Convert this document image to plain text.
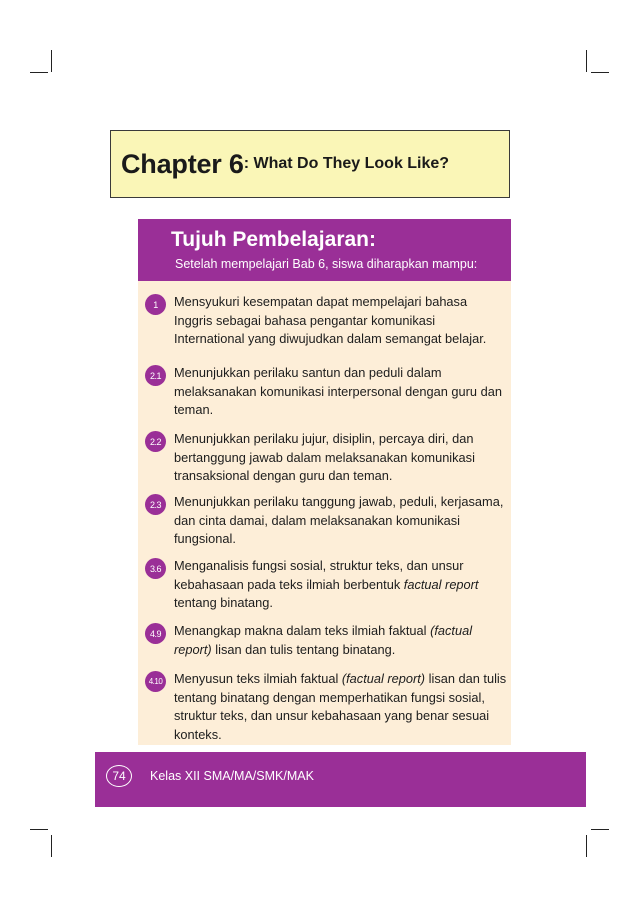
Chapter 6 : What Do They Look Like?
Tujuh Pembelajaran:
Setelah mempelajari Bab 6, siswa diharapkan mampu:
1	Mensyukuri kesempatan dapat mempelajari bahasa Inggris sebagai bahasa pengantar komunikasi International yang diwujudkan dalam semangat belajar.
2.1	Menunjukkan perilaku santun dan peduli dalam melaksanakan komunikasi interpersonal dengan guru dan teman.
2.2	Menunjukkan perilaku jujur, disiplin, percaya diri, dan bertanggung jawab dalam melaksanakan komunikasi transaksional dengan guru dan teman.
2.3	Menunjukkan perilaku tanggung jawab, peduli, kerjasama, dan cinta damai, dalam melaksanakan komunikasi fungsional.
3.6	Menganalisis fungsi sosial, struktur teks, dan unsur kebahasaan pada teks ilmiah berbentuk factual report tentang binatang.
4.9	Menangkap makna dalam teks ilmiah faktual (factual report) lisan dan tulis tentang binatang.
4.10 Menyusun teks ilmiah faktual (factual report) lisan dan tulis tentang binatang dengan memperhatikan fungsi sosial, struktur teks, dan unsur kebahasaan yang benar sesuai konteks.
74	Kelas XII SMA/MA/SMK/MAK
